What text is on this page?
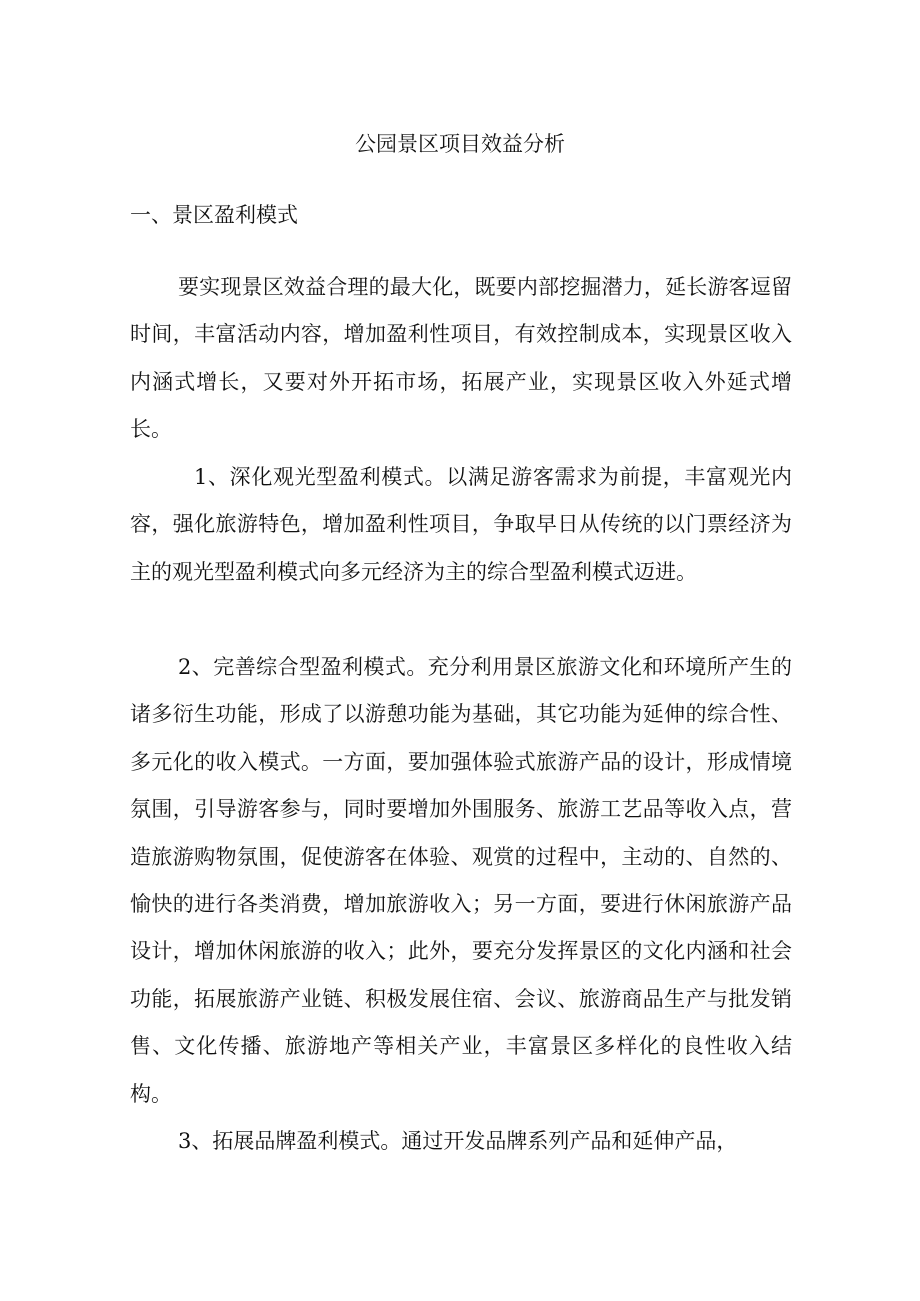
公园景区项目效益分析
一、景区盈利模式

要实现景区效益合理的最大化，既要内部挖掘潜力，延长游客逗留时间，丰富活动内容，增加盈利性项目，有效控制成本，实现景区收入内涵式增长，又要对外开拓市场，拓展产业，实现景区收入外延式增长。

1、深化观光型盈利模式。以满足游客需求为前提，丰富观光内容，强化旅游特色，增加盈利性项目，争取早日从传统的以门票经济为主的观光型盈利模式向多元经济为主的综合型盈利模式迈进。

2、完善综合型盈利模式。充分利用景区旅游文化和环境所产生的诸多衍生功能，形成了以游憩功能为基础，其它功能为延伸的综合性、多元化的收入模式。一方面，要加强体验式旅游产品的设计，形成情境氛围，引导游客参与，同时要增加外围服务、旅游工艺品等收入点，营造旅游购物氛围，促使游客在体验、观赏的过程中，主动的、自然的、愉快的进行各类消费，增加旅游收入；另一方面，要进行休闲旅游产品设计，增加休闲旅游的收入；此外，要充分发挥景区的文化内涵和社会功能，拓展旅游产业链、积极发展住宿、会议、旅游商品生产与批发销售、文化传播、旅游地产等相关产业，丰富景区多样化的良性收入结构。

3、拓展品牌盈利模式。通过开发品牌系列产品和延伸产品，
